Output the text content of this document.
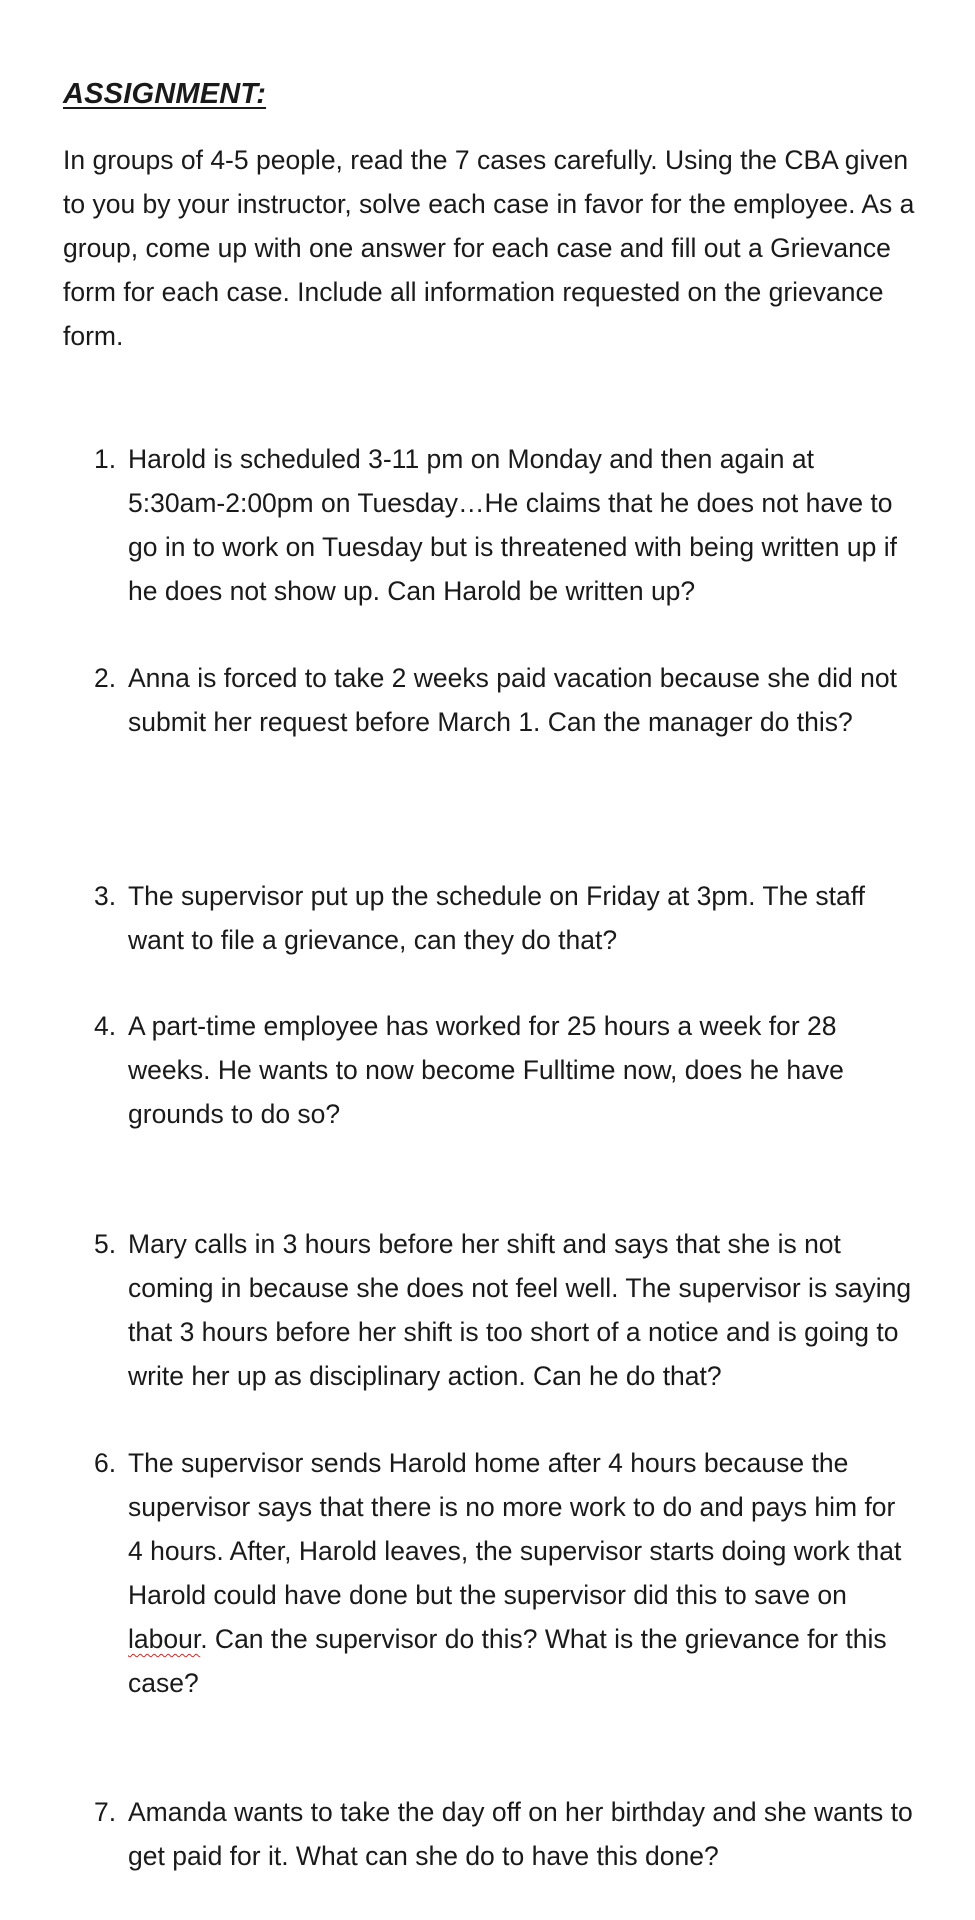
ASSIGNMENT:

In groups of 4-5 people, read the 7 cases carefully. Using the CBA given to you by your instructor, solve each case in favor for the employee. As a group, come up with one answer for each case and fill out a Grievance form for each case. Include all information requested on the grievance form.

1. Harold is scheduled 3-11 pm on Monday and then again at 5:30am-2:00pm on Tuesday…He claims that he does not have to go in to work on Tuesday but is threatened with being written up if he does not show up. Can Harold be written up?
2. Anna is forced to take 2 weeks paid vacation because she did not submit her request before March 1. Can the manager do this?
3. The supervisor put up the schedule on Friday at 3pm. The staff want to file a grievance, can they do that?
4. A part-time employee has worked for 25 hours a week for 28 weeks. He wants to now become Fulltime now, does he have grounds to do so?
5. Mary calls in 3 hours before her shift and says that she is not coming in because she does not feel well. The supervisor is saying that 3 hours before her shift is too short of a notice and is going to write her up as disciplinary action. Can he do that?
6. The supervisor sends Harold home after 4 hours because the supervisor says that there is no more work to do and pays him for 4 hours. After, Harold leaves, the supervisor starts doing work that Harold could have done but the supervisor did this to save on labour. Can the supervisor do this? What is the grievance for this case?
7. Amanda wants to take the day off on her birthday and she wants to get paid for it. What can she do to have this done?
